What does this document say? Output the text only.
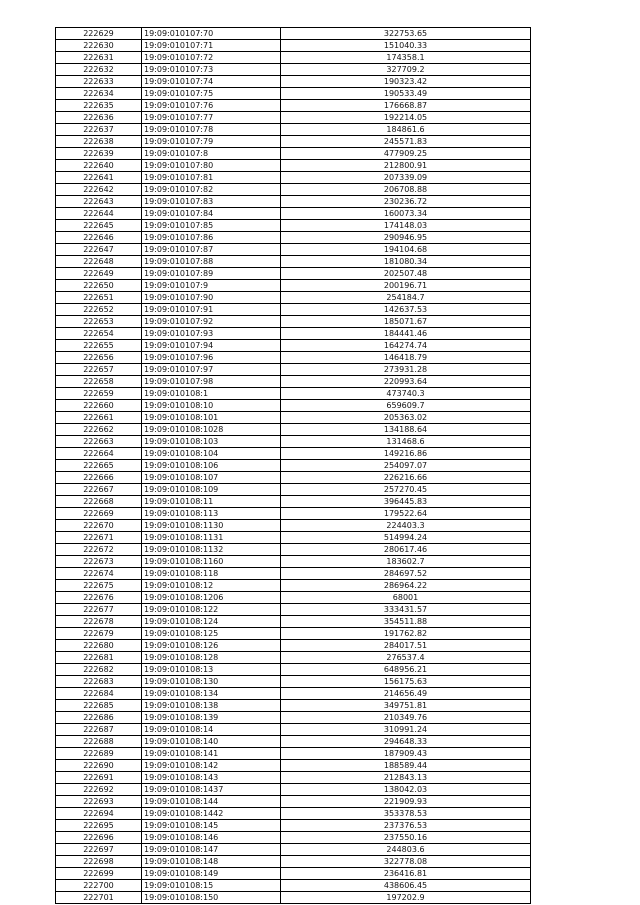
222629	19:09:010107:70	322753.65
222630	19:09:010107:71	151040.33
222631	19:09:010107:72	174358.1
222632	19:09:010107:73	327709.2
222633	19:09:010107:74	190323.42
222634	19:09:010107:75	190533.49
222635	19:09:010107:76	176668.87
222636	19:09:010107:77	192214.05
222637	19:09:010107:78	184861.6
222638	19:09:010107:79	245571.83
222639	19:09:010107:8	477909.25
222640	19:09:010107:80	212800.91
222641	19:09:010107:81	207339.09
222642	19:09:010107:82	206708.88
222643	19:09:010107:83	230236.72
222644	19:09:010107:84	160073.34
222645	19:09:010107:85	174148.03
222646	19:09:010107:86	290946.95
222647	19:09:010107:87	194104.68
222648	19:09:010107:88	181080.34
222649	19:09:010107:89	202507.48
222650	19:09:010107:9	200196.71
222651	19:09:010107:90	254184.7
222652	19:09:010107:91	142637.53
222653	19:09:010107:92	185071.67
222654	19:09:010107:93	184441.46
222655	19:09:010107:94	164274.74
222656	19:09:010107:96	146418.79
222657	19:09:010107:97	273931.28
222658	19:09:010107:98	220993.64
222659	19:09:010108:1	473740.3
222660	19:09:010108:10	659609.7
222661	19:09:010108:101	205363.02
222662	19:09:010108:1028	134188.64
222663	19:09:010108:103	131468.6
222664	19:09:010108:104	149216.86
222665	19:09:010108:106	254097.07
222666	19:09:010108:107	226216.66
222667	19:09:010108:109	257270.45
222668	19:09:010108:11	396445.83
222669	19:09:010108:113	179522.64
222670	19:09:010108:1130	224403.3
222671	19:09:010108:1131	514994.24
222672	19:09:010108:1132	280617.46
222673	19:09:010108:1160	183602.7
222674	19:09:010108:118	284697.52
222675	19:09:010108:12	286964.22
222676	19:09:010108:1206	68001
222677	19:09:010108:122	333431.57
222678	19:09:010108:124	354511.88
222679	19:09:010108:125	191762.82
222680	19:09:010108:126	284017.51
222681	19:09:010108:128	276537.4
222682	19:09:010108:13	648956.21
222683	19:09:010108:130	156175.63
222684	19:09:010108:134	214656.49
222685	19:09:010108:138	349751.81
222686	19:09:010108:139	210349.76
222687	19:09:010108:14	310991.24
222688	19:09:010108:140	294648.33
222689	19:09:010108:141	187909.43
222690	19:09:010108:142	188589.44
222691	19:09:010108:143	212843.13
222692	19:09:010108:1437	138042.03
222693	19:09:010108:144	221909.93
222694	19:09:010108:1442	353378.53
222695	19:09:010108:145	237376.53
222696	19:09:010108:146	237550.16
222697	19:09:010108:147	244803.6
222698	19:09:010108:148	322778.08
222699	19:09:010108:149	236416.81
222700	19:09:010108:15	438606.45
222701	19:09:010108:150	197202.9
